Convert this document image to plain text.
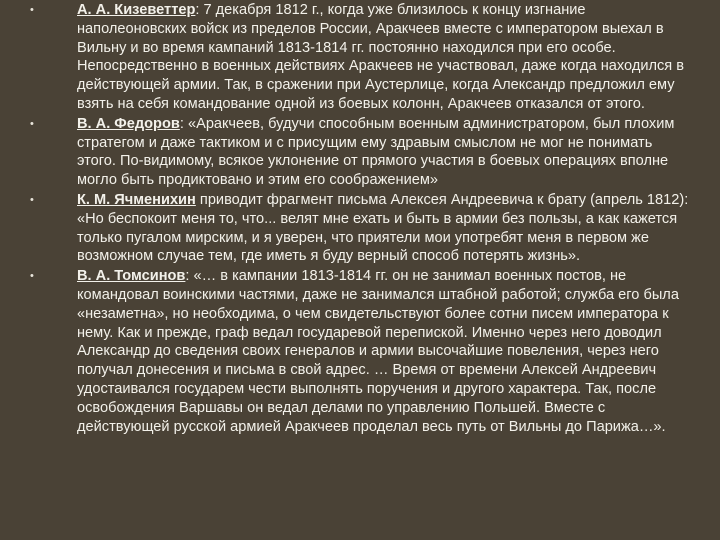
•	А. А. Кизеветтер: 7 декабря 1812 г., когда уже близилось к концу изгнание наполеоновских войск из пределов России, Аракчеев вместе с императором выехал в Вильну и во время кампаний 1813-1814 гг. постоянно находился при его особе. Непосредственно в военных действиях Аракчеев не участвовал, даже когда находился в действующей армии. Так, в сражении при Аустерлице, когда Александр предложил ему взять на себя командование одной из боевых колонн, Аракчеев отказался от этого.
•	В. А. Федоров: «Аракчеев, будучи способным военным администратором, был плохим стратегом и даже тактиком и с присущим ему здравым смыслом не мог не понимать этого. По-видимому, всякое уклонение от прямого участия в боевых операциях вполне могло быть продиктовано и этим его соображением»
•	К. М. Ячменихин приводит фрагмент письма Алексея Андреевича к брату (апрель 1812): «Но беспокоит меня то, что... велят мне ехать и быть в армии без пользы, а как кажется только пугалом мирским, и я уверен, что приятели мои употребят меня в первом же возможном случае тем, где иметь я буду верный способ потерять жизнь».
•	В. А. Томсинов: «… в кампании 1813-1814 гг. он не занимал военных постов, не командовал воинскими частями, даже не занимался штабной работой; служба его была «незаметна», но необходима, о чем свидетельствуют более сотни писем императора к нему. Как и прежде, граф ведал государевой перепиской. Именно через него доводил Александр до сведения своих генералов и армии высочайшие повеления, через него получал донесения и письма в свой адрес. … Время от времени Алексей Андреевич удостаивался государем чести выполнять поручения и другого характера. Так, после освобождения Варшавы он ведал делами по управлению Польшей. Вместе с действующей русской армией Аракчеев проделал весь путь от Вильны до Парижа…».
